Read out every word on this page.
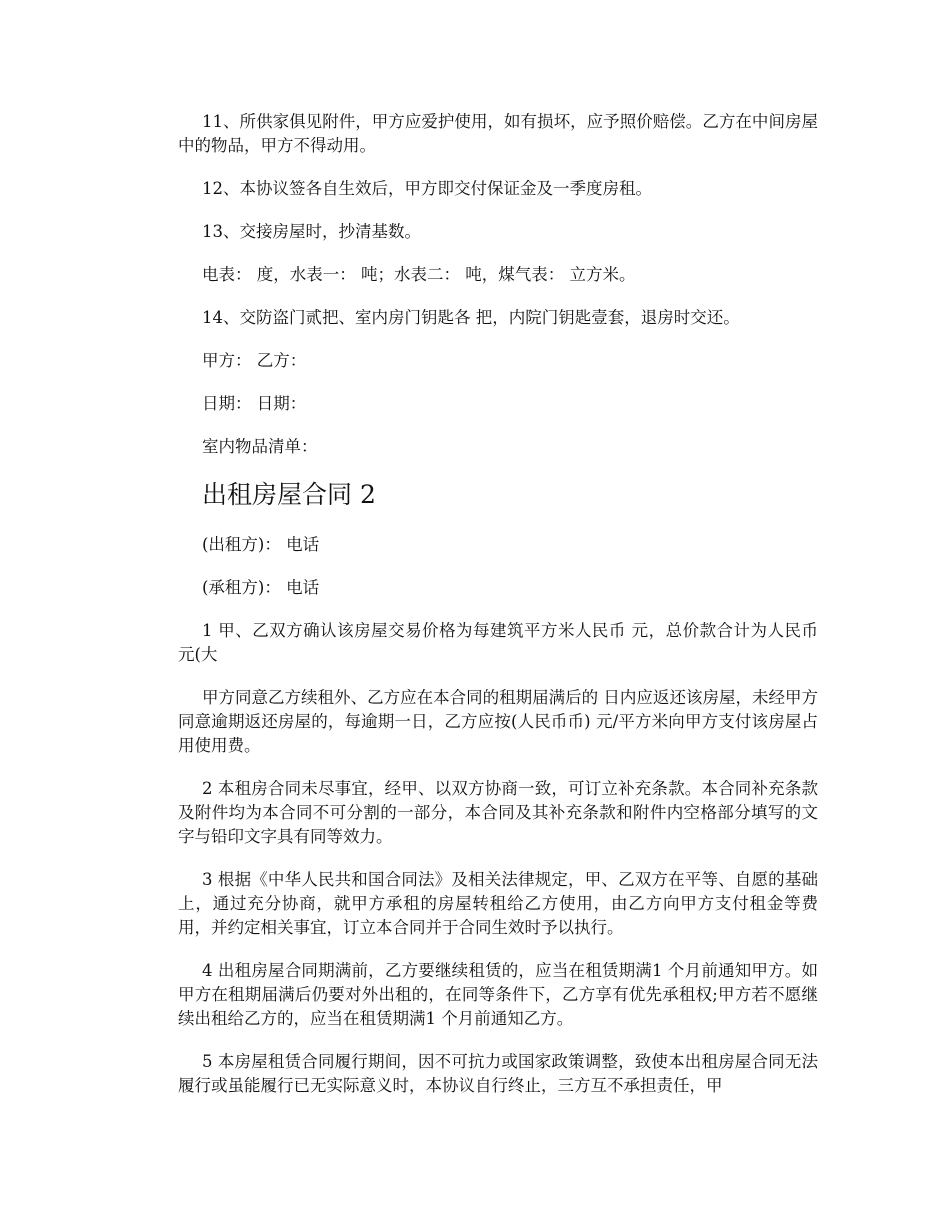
11、所供家俱见附件，甲方应爱护使用，如有损坏，应予照价赔偿。乙方在中间房屋中的物品，甲方不得动用。

12、本协议签各自生效后，甲方即交付保证金及一季度房租。

13、交接房屋时，抄清基数。

电表： 度，水表一： 吨；水表二： 吨，煤气表： 立方米。

14、交防盗门贰把、室内房门钥匙各 把，内院门钥匙壹套，退房时交还。

甲方： 乙方：

日期： 日期：

室内物品清单：

出租房屋合同 2

(出租方)： 电话

(承租方)： 电话

1 甲、乙双方确认该房屋交易价格为每建筑平方米人民币 元，总价款合计为人民币 元(大

甲方同意乙方续租外、乙方应在本合同的租期届满后的 日内应返还该房屋，未经甲方同意逾期返还房屋的，每逾期一日，乙方应按(人民币币) 元/平方米向甲方支付该房屋占用使用费。

2 本租房合同未尽事宜，经甲、以双方协商一致，可订立补充条款。本合同补充条款及附件均为本合同不可分割的一部分，本合同及其补充条款和附件内空格部分填写的文字与铅印文字具有同等效力。

3 根据《中华人民共和国合同法》及相关法律规定，甲、乙双方在平等、自愿的基础上，通过充分协商，就甲方承租的房屋转租给乙方使用，由乙方向甲方支付租金等费用，并约定相关事宜，订立本合同并于合同生效时予以执行。

4 出租房屋合同期满前，乙方要继续租赁的，应当在租赁期满1 个月前通知甲方。如甲方在租期届满后仍要对外出租的，在同等条件下，乙方享有优先承租权;甲方若不愿继续出租给乙方的，应当在租赁期满1 个月前通知乙方。

5 本房屋租赁合同履行期间，因不可抗力或国家政策调整，致使本出租房屋合同无法履行或虽能履行已无实际意义时，本协议自行终止，三方互不承担责任，甲
